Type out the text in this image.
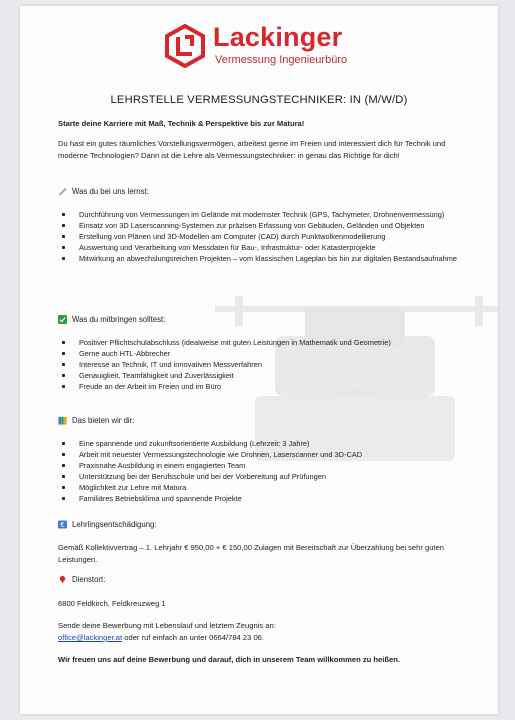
Lackinger
Vermessung Ingenieurbüro
LEHRSTELLE VERMESSUNGSTECHNIKER: IN (M/W/D)
Starte deine Karriere mit Maß, Technik & Perspektive bis zur Matura!
Du hast ein gutes räumliches Vorstellungsvermögen, arbeitest gerne im Freien und interessiert dich für Technik und moderne Technologien? Dann ist die Lehre als Vermessungstechniker: in genau das Richtige für dich!
Was du bei uns lernst:
Durchführung von Vermessungen im Gelände mit modernster Technik (GPS, Tachymeter, Drohnenvermessung)
Einsatz von 3D Laserscanning-Systemen zur präzisen Erfassung von Gebäuden, Geländen und Objekten
Erstellung von Plänen und 3D-Modellen am Computer (CAD) durch Punktwolkenmodellierung
Auswertung und Verarbeitung von Messdaten für Bau-, Infrastruktur- oder Katasterprojekte
Mitwirkung an abwechslungsreichen Projekten – vom klassischen Lageplan bis hin zur digitalen Bestandsaufnahme
Was du mitbringen solltest:
Positiver Pflichtschulabschluss (idealweise mit guten Leistungen in Mathematik und Geometrie)
Gerne auch HTL-Abbrecher
Interesse an Technik, IT und innovativen Messverfahren
Genauigkeit, Teamfähigkeit und Zuverlässigkeit
Freude an der Arbeit im Freien und im Büro
Das bieten wir dir:
Eine spannende und zukunftsorientierte Ausbildung (Lehrzeit: 3 Jahre)
Arbeit mit neuester Vermessungstechnologie wie Drohnen, Laserscanner und 3D-CAD
Praxisnahe Ausbildung in einem engagierten Team
Unterstützung bei der Berufsschule und bei der Vorbereitung auf Prüfungen
Möglichkeit zur Lehre mit Matura
Familiäres Betriebsklima und spannende Projekte
€ Lehrlingsentschädigung:
Gemäß Kollektivvertrag – 1. Lehrjahr € 950,00 + € 150,00 Zulagen mit Bereitschaft zur Überzahlung bei sehr guten Leistungen.
Dienstort:
6800 Feldkirch, Feldkreuzweg 1
Sende deine Bewerbung mit Lebenslauf und letztem Zeugnis an:
office@lackinger.at oder ruf einfach an unter 0664/784 23 06.
Wir freuen uns auf deine Bewerbung und darauf, dich in unserem Team willkommen zu heißen.
